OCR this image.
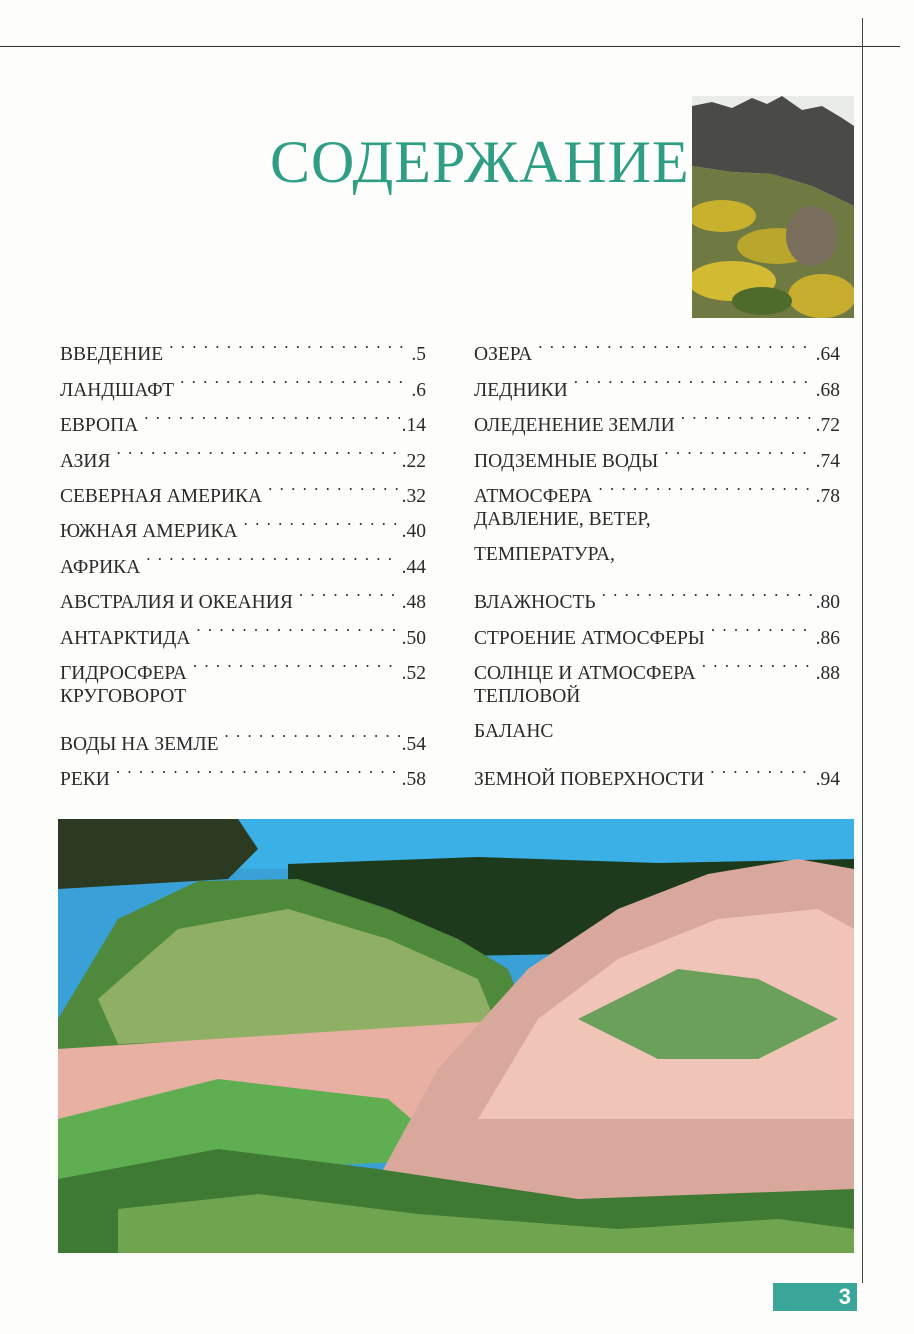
СОДЕРЖАНИЕ
ВВЕДЕНИЕ . . .	.5
ЛАНДШАФТ . . .	.6
ЕВРОПА . . .	.14
АЗИЯ . . .	.22
СЕВЕРНАЯ АМЕРИКА . . .	.32
ЮЖНАЯ АМЕРИКА . . .	.40
АФРИКА . . .	.44
АВСТРАЛИЯ И ОКЕАНИЯ . . .	.48
АНТАРКТИДА . . .	.50
ГИДРОСФЕРА . . .	.52
КРУГОВОРОТ
ВОДЫ НА ЗЕМЛЕ . . .	.54
РЕКИ . . .	.58
ОЗЕРА . . .	.64
ЛЕДНИКИ . . .	.68
ОЛЕДЕНЕНИЕ ЗЕМЛИ . . .	.72
ПОДЗЕМНЫЕ ВОДЫ . . .	.74
АТМОСФЕРА . . .	.78
ДАВЛЕНИЕ, ВЕТЕР,
ТЕМПЕРАТУРА,
ВЛАЖНОСТЬ . . .	.80
СТРОЕНИЕ АТМОСФЕРЫ . . .	.86
СОЛНЦЕ И АТМОСФЕРА . . .	.88
ТЕПЛОВОЙ
БАЛАНС
ЗЕМНОЙ ПОВЕРХНОСТИ . . .	.94
3
